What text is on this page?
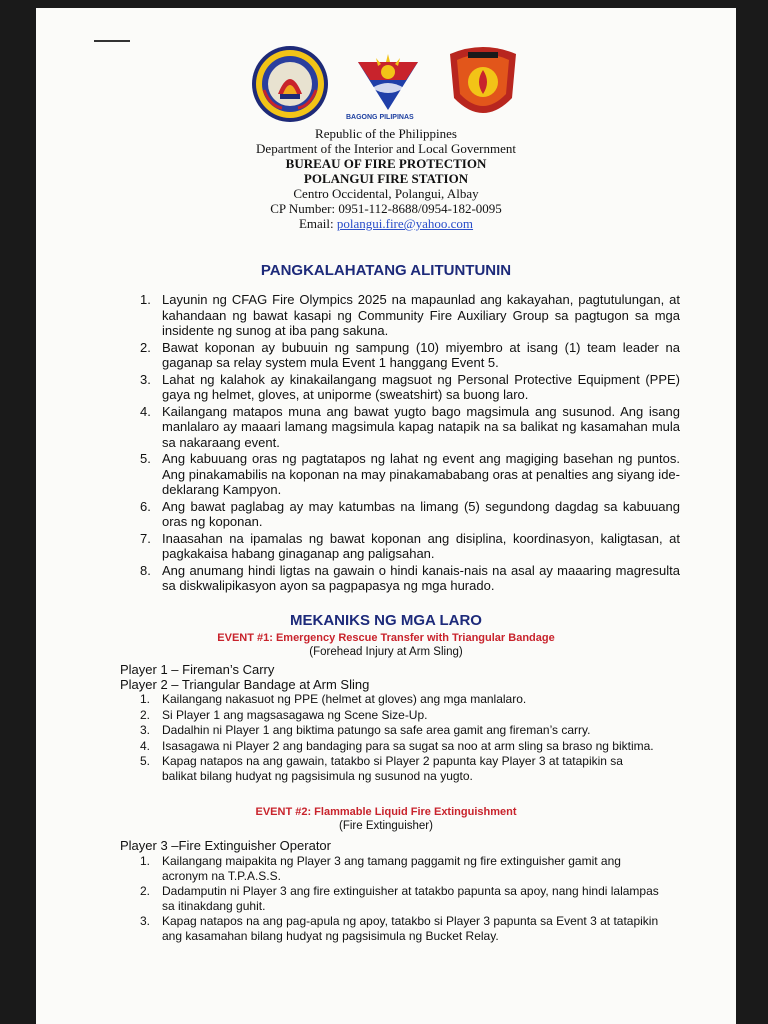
BAGONG PILIPINAS
Republic of the Philippines
Department of the Interior and Local Government
BUREAU OF FIRE PROTECTION
POLANGUI FIRE STATION
Centro Occidental, Polangui, Albay
CP Number: 0951-112-8688/0954-182-0095
Email: polangui.fire@yahoo.com
PANGKALAHATANG ALITUNTUNIN
1. Layunin ng CFAG Fire Olympics 2025 na mapaunlad ang kakayahan, pagtutulungan, at kahandaan ng bawat kasapi ng Community Fire Auxiliary Group sa pagtugon sa mga insidente ng sunog at iba pang sakuna.
2. Bawat koponan ay bubuuin ng sampung (10) miyembro at isang (1) team leader na gaganap sa relay system mula Event 1 hanggang Event 5.
3. Lahat ng kalahok ay kinakailangang magsuot ng Personal Protective Equipment (PPE) gaya ng helmet, gloves, at uniporme (sweatshirt) sa buong laro.
4. Kailangang matapos muna ang bawat yugto bago magsimula ang susunod. Ang isang manlalaro ay maaari lamang magsimula kapag natapik na sa balikat ng kasamahan mula sa nakaraang event.
5. Ang kabuuang oras ng pagtatapos ng lahat ng event ang magiging basehan ng puntos. Ang pinakamabilis na koponan na may pinakamababang oras at penalties ang siyang ide-deklarang Kampyon.
6. Ang bawat paglabag ay may katumbas na limang (5) segundong dagdag sa kabuuang oras ng koponan.
7. Inaasahan na ipamalas ng bawat koponan ang disiplina, koordinasyon, kaligtasan, at pagkakaisa habang ginaganap ang paligsahan.
8. Ang anumang hindi ligtas na gawain o hindi kanais-nais na asal ay maaaring magresulta sa diskwalipikasyon ayon sa pagpapasya ng mga hurado.
MEKANIKS NG MGA LARO
EVENT #1: Emergency Rescue Transfer with Triangular Bandage
(Forehead Injury at Arm Sling)
Player 1 – Fireman’s Carry
Player 2 – Triangular Bandage at Arm Sling
1. Kailangang nakasuot ng PPE (helmet at gloves) ang mga manlalaro.
2. Si Player 1 ang magsasagawa ng Scene Size-Up.
3. Dadalhin ni Player 1 ang biktima patungo sa safe area gamit ang fireman’s carry.
4. Isasagawa ni Player 2 ang bandaging para sa sugat sa noo at arm sling sa braso ng biktima.
5. Kapag natapos na ang gawain, tatakbo si Player 2 papunta kay Player 3 at tatapikin sa balikat bilang hudyat ng pagsisimula ng susunod na yugto.
EVENT #2: Flammable Liquid Fire Extinguishment
(Fire Extinguisher)
Player 3 –Fire Extinguisher Operator
1. Kailangang maipakita ng Player 3 ang tamang paggamit ng fire extinguisher gamit ang acronym na T.P.A.S.S.
2. Dadamputin ni Player 3 ang fire extinguisher at tatakbo papunta sa apoy, nang hindi lalampas sa itinakdang guhit.
3. Kapag natapos na ang pag-apula ng apoy, tatakbo si Player 3 papunta sa Event 3 at tatapikin ang kasamahan bilang hudyat ng pagsisimula ng Bucket Relay.
